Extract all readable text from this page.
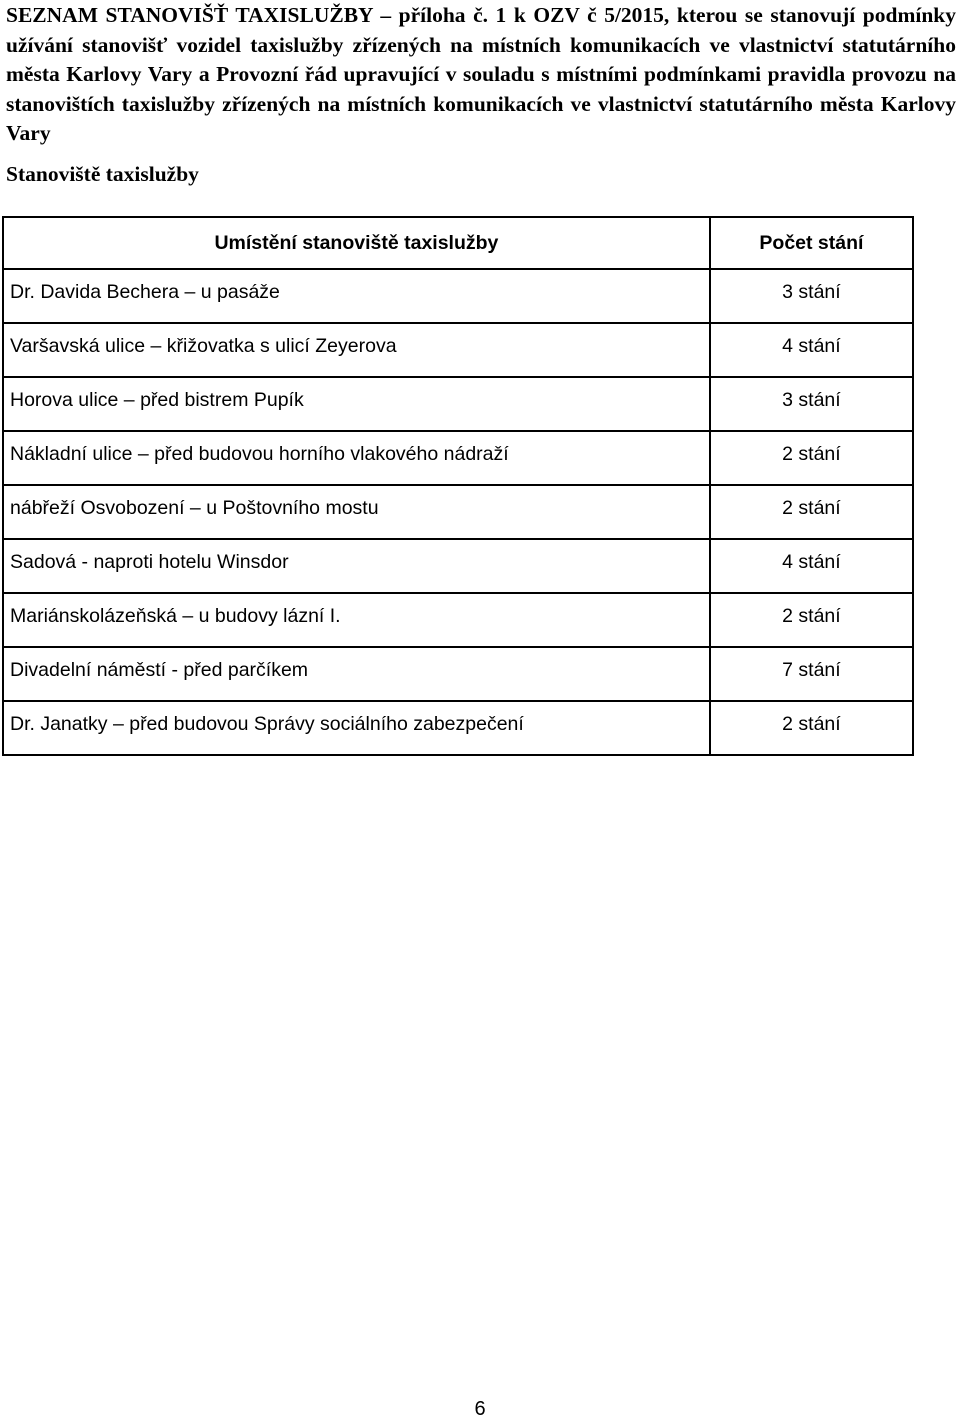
SEZNAM STANOVIŠŤ TAXISLUŽBY – příloha č. 1 k OZV č 5/2015, kterou se stanovují podmínky užívání stanovišť vozidel taxislužby zřízených na místních komunikacích ve vlastnictví statutárního města Karlovy Vary a Provozní řád upravující v souladu s místními podmínkami pravidla provozu na stanovištích taxislužby zřízených na místních komunikacích ve vlastnictví statutárního města Karlovy Vary

Stanoviště taxislužby
Umístění stanoviště taxislužby	Počet stání
Dr. Davida Bechera – u pasáže	3 stání
Varšavská ulice – křižovatka s ulicí Zeyerova	4 stání
Horova ulice – před bistrem Pupík	3 stání
Nákladní ulice – před budovou horního vlakového nádraží	2 stání
nábřeží Osvobození – u Poštovního mostu	2 stání
Sadová - naproti hotelu Winsdor	4 stání
Mariánskolázeňská – u budovy lázní I.	2 stání
Divadelní náměstí - před parčíkem	7 stání
Dr. Janatky – před budovou Správy sociálního zabezpečení	2 stání
6
